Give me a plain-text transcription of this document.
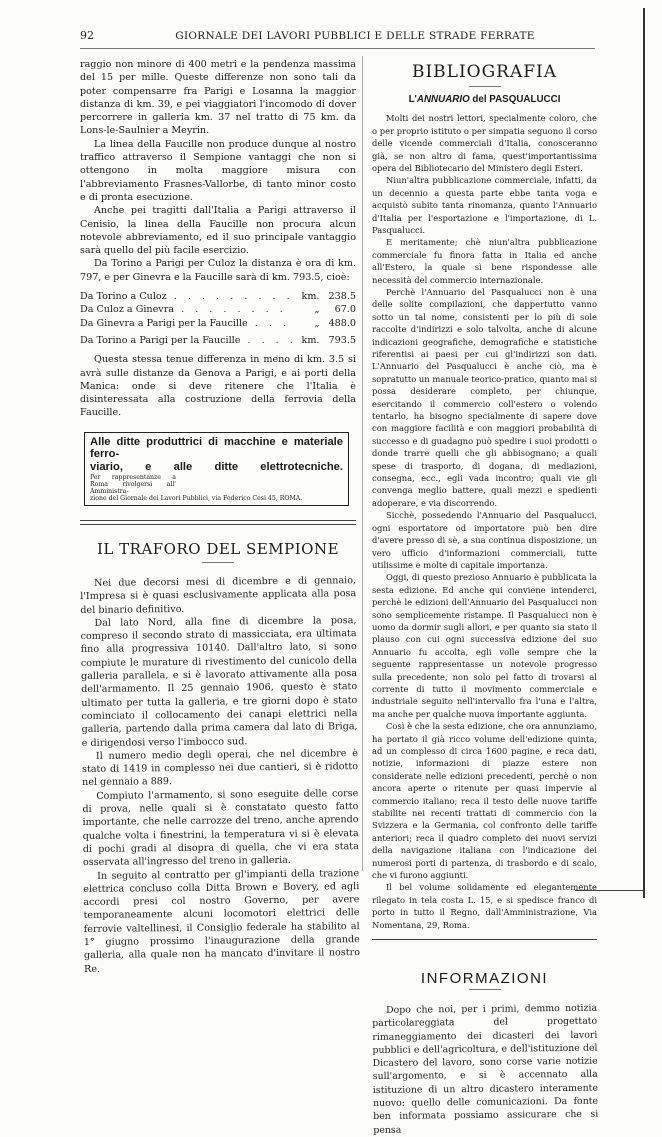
92	GIORNALE DEI LAVORI PUBBLICI E DELLE STRADE FERRATE

raggio non minore di 400 metri e la pendenza massima del 15 per mille. Queste differenze non sono tali da poter compensarre fra Parigi e Losanna la maggior distanza di km. 39, e pei viaggiatori l'incomodo di dover percorrere in galleria km. 37 nel tratto di 75 km. da Lons-le-Saulnier a Meyrin.

La linea della Faucille non produce dunque al nostro traffico attraverso il Sempione vantaggi che non si ottengono in molta maggiore misura con l'abbreviamento Frasnes-Vallorbe, di tanto minor costo e di pronta esecuzione.

Anche pei tragitti dall'Italia a Parigi attraverso il Cenisio, la linea della Faucille non procura alcun notevole abbreviamento, ed il suo principale vantaggio sarà quello del più facile esercizio.

Da Torino a Parigi per Culoz la distanza è ora di km. 797, e per Ginevra e la Faucille sarà di km. 793.5, cioè:

Da Torino a Culoz . . . . . . . . .	km.	238.5
Da Culoz a Ginevra . . . . . . . .	„	67.0
Da Ginevra a Parigi per la Faucille . . .	„	488.0
Da Torino a Parigi per la Faucille . . . .	km.	793.5

Questa stessa tenue differenza in meno di km. 3.5 si avrà sulle distanze da Genova a Parigi, e ai porti della Manica: onde si deve ritenere che l'Italia è disinteressata alla costruzione della ferrovia della Faucille.

Alle ditte produttrici di macchine e materiale ferro-
viario, e alle ditte elettrotecniche. Per rappresentanze a Roma rivolgersi all' Amministra-
zione del Giornale dei Lavori Pubblici, via Federico Cesi 45, ROMA.
IL TRAFORO DEL SEMPIONE

Nei due decorsi mesi di dicembre e di gennaio, l'Impresa si è quasi esclusivamente applicata alla posa del binario definitivo.

Dal lato Nord, alla fine di dicembre la posa, compreso il secondo strato di massicciata, era ultimata fino alla progressiva 10140. Dall'altro lato, si sono compiute le murature di rivestimento del cunicolo della galleria parallela, e si è lavorato attivamente alla posa dell'armamento. Il 25 gennaio 1906, questo è stato ultimato per tutta la galleria, e tre giorni dopo è stato cominciato il collocamento dei canapi elettrici nella galleria, partendo dalla prima camera dal lato di Briga, e dirigendosi verso l'imbocco sud.

Il numero medio degli operai, che nel dicembre è stato di 1419 in complesso nei due cantieri, si è ridotto nel gennaio a 889.

Compiuto l'armamento, si sono eseguite delle corse di prova, nelle quali si è constatato questo fatto importante, che nelle carrozze del treno, anche aprendo qualche volta i finestrini, la temperatura vi si è elevata di pochi gradi al disopra di quella, che vi era stata osservata all'ingresso del treno in galleria.

In seguito al contratto per gl'impianti della trazione elettrica concluso colla Ditta Brown e Bovery, ed agli accordi presi col nostro Governo, per avere temporaneamente alcuni locomotori elettrici delle ferrovie valtellinesi, il Consiglio federale ha stabilito al 1° giugno prossimo l'inaugurazione della grande galleria, alla quale non ha mancato d'invitare il nostro Re.

BIBLIOGRAFIA
L'ANNUARIO del PASQUALUCCI

Molti dei nostri lettori, specialmente coloro, che o per proprio istituto o per simpatia seguono il corso delle vicende commerciali d'Italia, conosceranno già, se non altro di fama, quest'importantissima opera del Bibliotecario del Ministero degli Esteri.

Niun'altra pubblicazione commerciale, infatti, da un decennio a questa parte ebbe tanta voga e acquistò subito tanta rinomanza, quanto l'Annuario d'Italia per l'esportazione e l'importazione, di L. Pasqualucci.

E meritamente; chè niun'altra pubblicazione commerciale fu finora fatta in Italia ed anche all'Estero, la quale sì bene rispondesse alle necessità del commercio internazionale.

Perchè l'Annuario del Pasqualucci non è una delle solite compilazioni, che dappertutto vanno sotto un tal nome, consistenti per lo più di sole raccolte d'indirizzi e solo talvolta, anche di alcune indicazioni geografiche, demografiche e statistiche riferentisi ai paesi per cui gl'indirizzi son dati. L'Annuario del Pasqualucci è anche ciò, ma è sopratutto un manuale teorico-pratico, quanto mai si possa desiderare completo, per chiunque, esercitando il commercio coll'estero o volendo tentarlo, ha bisogno specialmente di sapere dove con maggiore facilità e con maggiori probabilità di successo e di guadagno può spedire i suoi prodotti o donde trarre quelli che gli abbisognano; a quali spese di trasporto, di dogana, di mediazioni, consegna, ecc., egli vada incontro; quali vie gli convenga meglio battere, quali mezzi e spedienti adoperare, e via discorrendo.

Sicchè, possedendo l'Annuario del Pasqualucci, ogni esportatore od importatore può ben dire d'avere presso di sè, a sua continua disposizione, un vero ufficio d'informazioni commerciali, tutte utilissime e molte di capitale importanza.

Oggi, di questo prezioso Annuario è pubblicata la sesta edizione. Ed anche qui conviene intenderci, perchè le edizioni dell'Annuario del Pasqualucci non sono semplicemente ristampe. Il Pasqualucci non è uomo da dormir sugli allori, e per quanto sia stato il plauso con cui ogni successiva edizione del suo Annuario fu accolta, egli volle sempre che la seguente rappresentasse un notevole progresso sulla precedente, non solo pel fatto di trovarsi al corrente di tutto il movimento commerciale e industriale seguito nell'intervallo fra l'una e l'altra, ma anche per qualche nuova importante aggiunta.

Così è che la sesta edizione, che ora annunziamo, ha portato il già ricco volume dell'edizione quinta, ad un complesso di circa 1600 pagine, e reca dati, notizie, informazioni di piazze estere non considerate nelle edizioni precedenti, perchè o non ancora aperte o ritenute per quasi impervie al commercio italiano; reca il testo delle nuove tariffe stabilite nei recenti trattati di commercio con la Svizzera e la Germania, col confronto delle tariffe anteriori; reca il quadro completo dei nuovi servizi della navigazione italiana con l'indicazione dei numerosi porti di partenza, di trasbordo e di scalo, che vi furono aggiunti.

Il bel volume solidamente ed elegantemente rilegato in tela costa L. 15, e si spedisce franco di porto in tutto il Regno, dall'Amministrazione, Via Nomentana, 29, Roma.

INFORMAZIONI

Dopo che noi, per i primi, demmo notizia particolareggiata del progettato rimaneggiamento dei dicasteri dei lavori pubblici e dell'agricoltura, e dell'istituzione del Dicastero del lavoro, sono corse varie notizie sull'argomento, e si è accennato alla istituzione di un altro dicastero interamente nuovo: quello delle comunicazioni. Da fonte ben informata possiamo assicurare che si pensa
